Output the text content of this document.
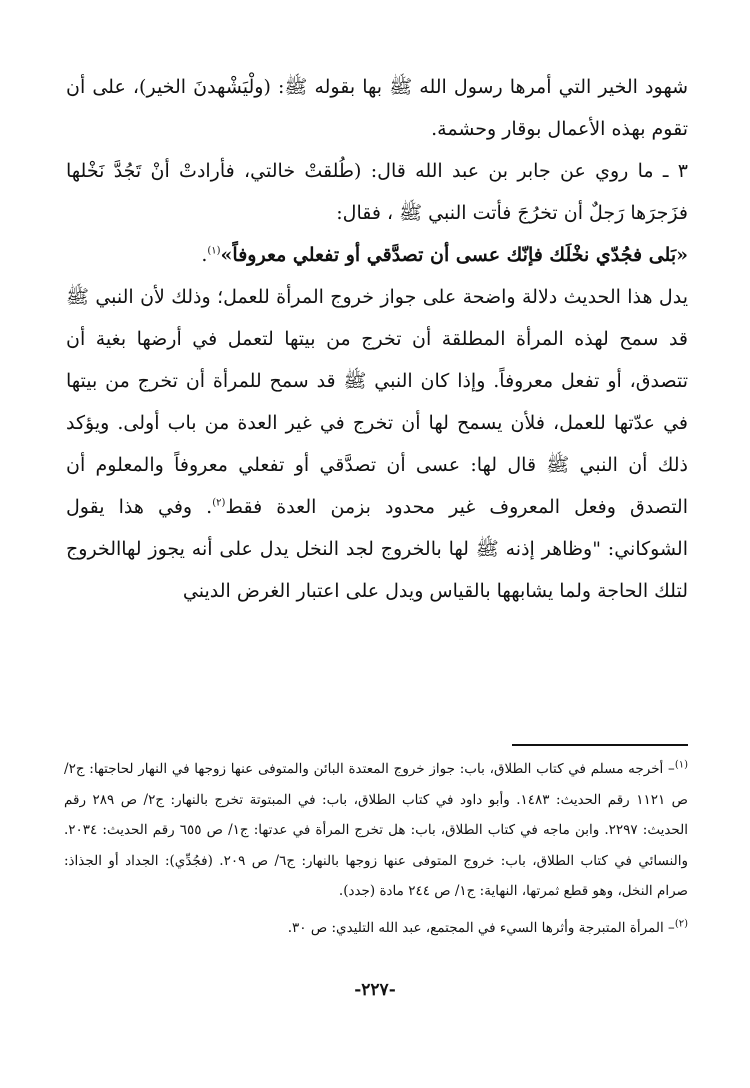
شهود الخير التي أمرها رسول الله ﷺ بها بقوله ﷺ: (ولْيَشْهدنَ الخير)، على أن تقوم بهذه الأعمال بوقار وحشمة.

٣ ـ ما روي عن جابر بن عبد الله قال: (طُلقتْ خالتي، فأرادتْ أنْ تَجُدَّ نَخْلها فزَجرَها رَجلٌ أن تخرُجَ فأتت النبي ﷺ ، فقال:

«بَلى فجُدّي نخْلَك فإنّك عسى أن تصدَّقي أو تفعلي معروفاً»$^{(١)}$.

يدل هذا الحديث دلالة واضحة على جواز خروج المرأة للعمل؛ وذلك لأن النبي ﷺ قد سمح لهذه المرأة المطلقة أن تخرج من بيتها لتعمل في أرضها بغية أن تتصدق، أو تفعل معروفاً. وإذا كان النبي ﷺ قد سمح للمرأة أن تخرج من بيتها في عدّتها للعمل، فلأن يسمح لها أن تخرج في غير العدة من باب أولى. ويؤكد ذلك أن النبي ﷺ قال لها: عسى أن تصدَّقي أو تفعلي معروفاً والمعلوم أن التصدق وفعل المعروف غير محدود بزمن العدة فقط$^{(٢)}$. وفي هذا يقول الشوكاني: "وظاهر إذنه ﷺ لها بالخروج لجد النخل يدل على أنه يجوز لهاالخروج لتلك الحاجة ولما يشابهها بالقياس ويدل على اعتبار الغرض الديني

$^{(١)}$– أخرجه مسلم في كتاب الطلاق، باب: جواز خروج المعتدة البائن والمتوفى عنها زوجها في النهار لحاجتها: ج٢/ ص ١١٢١ رقم الحديث: ١٤٨٣. وأبو داود في كتاب الطلاق، باب: في المبتوتة تخرج بالنهار: ج٢/ ص ٢٨٩ رقم الحديث: ٢٢٩٧. وابن ماجه في كتاب الطلاق، باب: هل تخرج المرأة في عدتها: ج١/ ص ٦٥٥ رقم الحديث: ٢٠٣٤. والنسائي في كتاب الطلاق، باب: خروج المتوفى عنها زوجها بالنهار: ج٦/ ص ٢٠٩. (فجُدِّي): الجداد أو الجذاذ: صرام النخل، وهو قطع ثمرتها، النهاية: ج١/ ص ٢٤٤ مادة (جدد).

$^{(٢)}$– المرأة المتبرجة وأثرها السيء في المجتمع، عبد الله التليدي: ص ٣٠.

-٢٢٧-
